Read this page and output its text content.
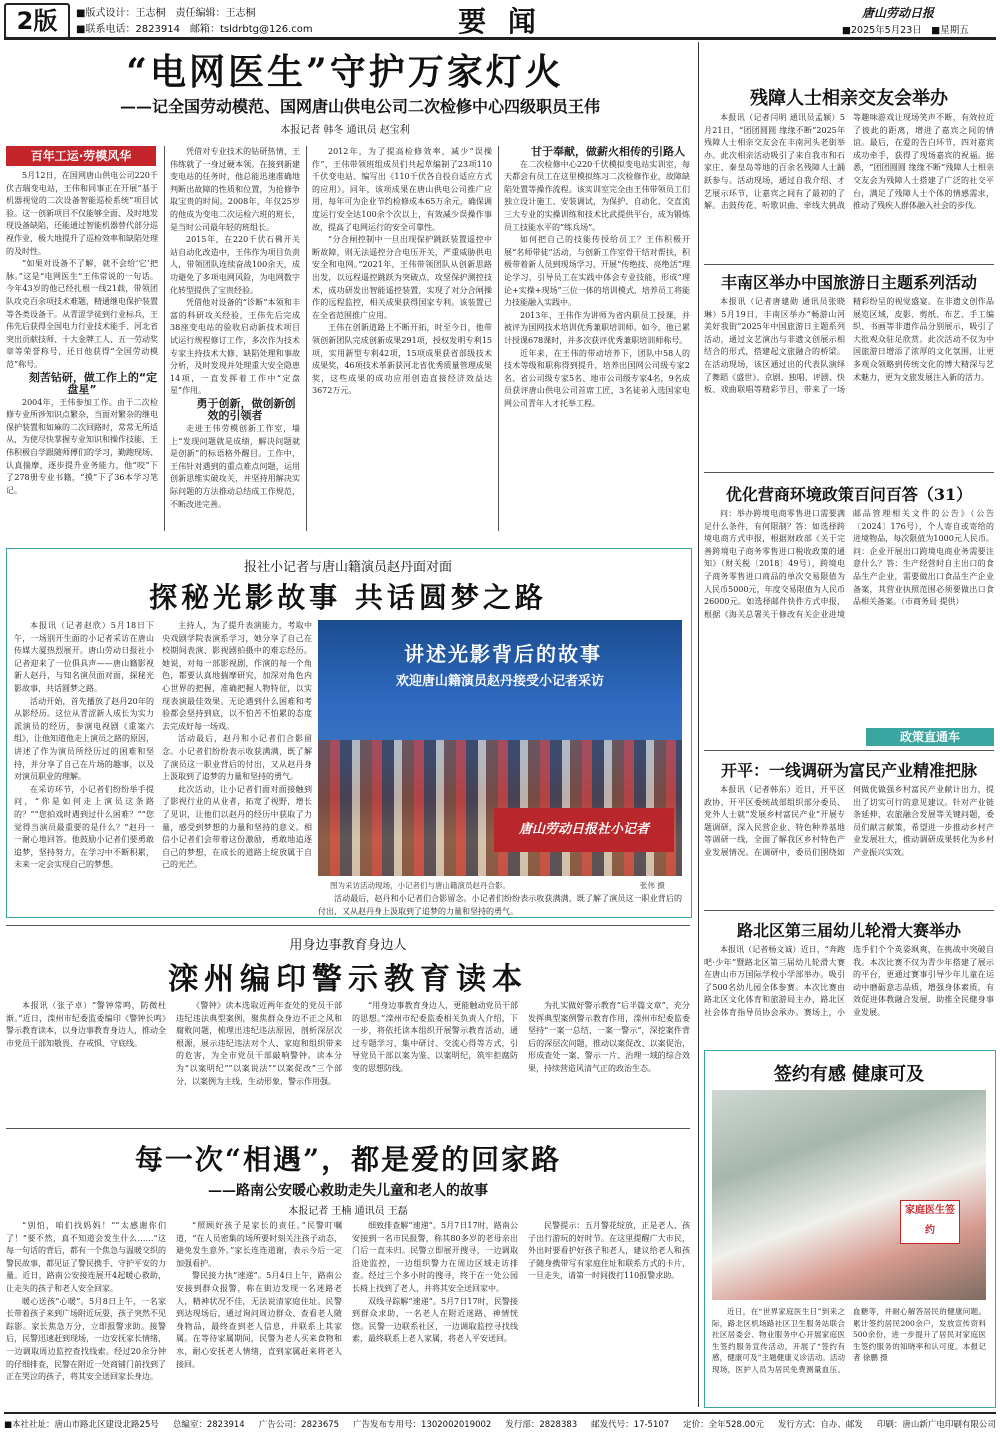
2版	■版式设计：王志桐　责任编辑：王志桐
■联系电话：2823914　邮箱：tsldrbtg@126.com	要 闻	唐山劳动日报
■2025年5月23日　■星期五
“电网医生”守护万家灯火
——记全国劳动模范、国网唐山供电公司二次检修中心四级职员王伟
本报记者 韩冬 通讯员 赵宝利
百年工运·劳模风华

5月12日，在国网唐山供电公司220千伏吉瑞变电站，王伟和同事正在开展“基于机器视觉的二次设备智能巡检系统”项目试验。这一创新项目不仅能够全面、及时地发现设备缺陷，还能通过智能机器替代部分巡视作业，极大地提升了巡检效率和缺陷处理的及时性。

“如果对设备不了解，就不会给‘它’把脉。”这是“电网医生”王伟常说的一句话。今年43岁的他已经扎根一线21载，带领团队攻克百余项技术难题，精通继电保护装置等各类设备干。从青涩学徒到行业标兵，王伟先后获得全国电力行业技术能手、河北省突出贡献技师、十大金牌工人、五一劳动奖章等荣誉称号，还日他获得“全国劳动模范”称号。

刻苦钻研，做工作上的“定盘星”

2004年，王伟参加工作。由于二次检修专业所涉知识点繁杂，当面对繁杂的继电保护装置和如麻的二次回路时，常常无所适从，为使尽快掌握专业知识和操作技能，王伟积极自学跟随师傅们的学习，勤跑现场、认真揣摩，逐步提升业务能力，他“咬”下了278册专业书籍，“摸”下了36本学习笔记。

凭借对专业技术的钻研热情，王伟练就了一身过硬本领。在接到新建变电站的任务时，他总能迅速准确地判断出故障的性质和位置，为抢修争取宝贵的时间。2008年，年仅25岁的他成为变电二次运检六班的班长，是当时公司最年轻的班组长。

2015年，在220千伏石佛开关站自动化改造中，王伟作为项目负责人，带领团队连续奋战100余天，成功避免了多项电网风险，为电网数字化转型提供了宝贵经验。

凭借他对设备的“诊断”本领和丰富的科研攻关经验，王伟先后完成38座变电站的验收启动新技术项目试运行规程修订工作，多次作为技术专家主持技术大修、缺陷处理和事故分析，及时发现并处理重大安全隐患14项，一直发挥着工作中“定盘星”作用。

勇于创新，做创新创效的引领者

走进王伟劳模创新工作室，墙上“发现问题就是成绩，解决问题就是创新”的标语格外醒目。工作中，王伟针对遇到的重点难点问题，运用创新思维实破攻关，并坚持用解决实际问题的方法推动总结成工作规范，不断改进完善。

2012年，为了提高检修效率，减少“误操作”，王伟带领班组成员们共起草编制了23项110千伏变电站、编写出《110千伏各自投自适应方式的应用》。同年，该项成果在唐山供电公司推广应用，每年可为企业节约检修成本65万余元，确保调度运行安全达100余个次以上，有效减少误操作事故，提高了电网运行的安全可靠性。

“分合闸控制中一旦出现保护跳跃装置遥控中断故障，则无法遥控分合电压开关，严重威胁供电安全和电网。”2021年，王伟带领团队从创新思路出发，以远程遥控跳跃为突破点，攻坚保护测控技术，成功研发出智能遥控装置，实现了对分合闸操作的远程监控，相关成果获得国家专利。该装置已在全省范围推广应用。

王伟在创新道路上不断开拓，时至今日，他带领创新团队完成创新成果291项，授权发明专利15项，实用新型专利42项，15项成果获省部级技术成果奖，46项技术革新获河北省优秀质量管理成果奖，这些成果的成功应用创造直接经济效益达3672万元。

甘于奉献，做薪火相传的引路人

在二次检修中心220千伏模拟变电站实训室，每天都会有员工在这里模拟练习二次检修作业，故障缺陷处置等操作流程。该实训室完全由王伟带领员工们独立设计施工、安装调试，为保护、自动化、交直流三大专业的实操训练和技术比武提供平台，成为锻炼员工技能水平的“练兵场”。

如何把自己的技能传授给员工？王伟积极开展“名师带徒”活动，与创新工作室骨干结对帮扶，积极带着新人员到现场学习，开展“传绝技、亮绝活”理论学习，引导员工在实践中体会专业技能，形成“理论+实操+现场”三位一体的培训模式，培养员工将能力技能融入实践中。

2013年，王伟作为讲师为省内职员工授课，并被评为国网技术培训优秀兼职培训师。如今，他已累计授课678课时，并多次获评优秀兼职培训师称号。

近年来，在王伟的带动培养下，团队中58人的技术等级和职称得到提升，培养出国网公司级专家2名、省公司级专家5名、地市公司级专家4名，9名成员获评唐山供电公司首席工匠，3名徒弟入选国家电网公司青年人才托举工程。

报社小记者与唐山籍演员赵丹面对面
探秘光影故事 共话圆梦之路

本报讯（记者赵欣）5月18日下午，一场别开生面的小记者采访在唐山传媒大厦热烈展开。唐山劳动日报社小记者迎来了一位俱具声——唐山籍影视新人赵丹，与知名演员面对面，探秘光影故事，共话圆梦之路。

活动开始，首先播放了赵丹20年的从影经历。这位从青涩新人成长为实力派演员的经历，参演电视剧《重案六组》，让他知道他走上演员之路的原因，讲述了作为演员所经历过的困难和坚持，并分享了自己在片场的趣事，以及对演员职业的理解。

在采访环节，小记者们纷纷举手提问，“你是如何走上演员这条路的？”“您拍戏时遇到过什么困难？”“您觉得当演员最重要的是什么？”赵丹一一耐心地回答。他鼓励小记者们要勇敢追梦，坚持努力，在学习中不断积累，未来一定会实现自己的梦想。

主持人，为了提升表演能力，考取中央戏剧学院表演系学习，她分享了自己在校期间表演、影视剧拍摄中的难忘经历。她说，对每一部影视剧，作演的每一个角色，都要认真地揣摩研究，加深对角色内心世界的把握，准确把握人物特征，以实现表演最佳效果。无论遇到什么困难和考验都会坚持到底，以不怕苦不怕累的态度去完成好每一场戏。

活动最后，赵丹和小记者们合影留念。小记者们纷纷表示收获满满，既了解了演员这一职业背后的付出，又从赵丹身上汲取到了追梦的力量和坚持的勇气。

此次活动，让小记者们面对面接触到了影视行业的从业者，拓宽了视野，增长了见识，让他们以赵丹的经历中获取了力量，感受到梦想的力量和坚持的意义。相信小记者们会带着这份激励，勇敢地追逐自己的梦想，在成长的道路上绽放属于自己的光芒。

讲述光影背后的故事
欢迎唐山籍演员赵丹接受小记者采访
唐山劳动日报社小记者
图为采访活动现场，小记者们与唐山籍演员赵丹合影。	张伟 摄

活动最后，赵丹和小记者们合影留念。小记者们纷纷表示收获满满，既了解了演员这一职业背后的付出，又从赵丹身上汲取到了追梦的力量和坚持的勇气。

用身边事教育身边人
滦州编印警示教育读本

本报讯（张子卓）“警钟常鸣，防微杜渐。”近日，滦州市纪委监委编印《警钟长鸣》警示教育读本，以身边事教育身边人，推动全市党员干部知敬畏、存戒惧、守底线。

《警钟》读本选取近两年查处的党员干部违纪违法典型案例，聚焦群众身边不正之风和腐败问题，梳理出违纪违法原因，剖析深层次根源，展示违纪违法对个人、家庭和组织带来的危害，为全市党员干部敲响警钟。读本分为“以案明纪”“以案说法”“以案促改”三个部分，以案例为主线，生动形象，警示作用强。

“用身边事教育身边人，更能触动党员干部的思想。”滦州市纪委监委相关负责人介绍，下一步，将依托读本组织开展警示教育活动，通过专题学习、集中研讨、交流心得等方式，引导党员干部以案为鉴、以案明纪，筑牢拒腐防变的思想防线。

为扎实做好警示教育“后半篇文章”，充分发挥典型案例警示教育作用，滦州市纪委监委坚持“一案一总结、一案一警示”，深挖案件背后的深层次问题，推动以案促改、以案促治，形成查处一案、警示一片、治理一域的综合效果，持续营造风清气正的政治生态。

每一次“相遇”，都是爱的回家路
——路南公安暖心救助走失儿童和老人的故事
本报记者 王楠 通讯员 王磊

“别怕，咱们找妈妈！”“太感谢你们了！”要不然，真不知道会发生什么……”这每一句话的背后，都有一个焦急与温暖交织的警民故事，都见证了警民携手、守护平安的力量。近日，路南公安接连展开4起暖心救助，让走失的孩子和老人安全回家。

暖心送孩“心暖”。5月8日上午，一名家长带着孩子来到广场附近玩耍，孩子突然不见踪影。家长焦急万分，立即报警求助。接警后，民警迅速赶到现场，一边安抚家长情绪，一边调取周边监控查找线索。经过20余分钟的仔细排查，民警在附近一处商铺门前找到了正在哭泣的孩子，将其安全送回家长身边。

“照顾好孩子是家长的责任。”民警叮嘱道，“在人员密集的场所要时刻关注孩子动态，避免发生意外。”家长连连道谢，表示今后一定加强看护。

警民接力执“速递”。5月4日上午，路南公安接到群众报警，称在街边发现一名迷路老人，精神状况不佳，无法说清家庭住址。民警到达现场后，通过询问周边群众、查看老人随身物品，最终查到老人信息，并联系上其家属。在等待家属期间，民警为老人买来食物和水，耐心安抚老人情绪，直到家属赶来将老人接回。

细致排查解“速递”。5月7日17时，路南公安接到一名市民报警，称其80多岁的老母亲出门后一直未归。民警立即展开搜寻，一边调取沿途监控，一边组织警力在周边区域走访排查。经过三个多小时的搜寻，终于在一处公园长椅上找到了老人，并将其安全送回家中。

双线寻踪解“速递”。5月7日17时，民警接到群众求助，一名老人在附近迷路，神情恍惚。民警一边联系社区，一边调取监控寻找线索，最终联系上老人家属，将老人平安送回。

民警提示：五月警花绽放，正是老人、孩子出行游玩的好时节。在这里提醒广大市民，外出时要看护好孩子和老人，建议给老人和孩子随身携带写有家庭住址和联系方式的卡片，一旦走失，请第一时间拨打110报警求助。

残障人士相亲交友会举办

本报讯（记者闫明 通讯员孟颖）5月21日，“团团圆圆 缘缘不断”2025年残障人士相亲交友会在丰南河头老街举办。此次相亲活动吸引了来自我市和石家庄、秦皇岛等地的百余名残障人士踊跃参与。活动现场，通过自我介绍、才艺展示环节，让嘉宾之间有了最初的了解。击鼓传花、听歌识曲、牵线大挑战等趣味游戏让现场笑声不断，有效拉近了彼此的距离，增进了嘉宾之间的情谊。最后，在爱的告白环节，四对嘉宾成功牵手，获得了现场嘉宾的祝福。据悉，“团团圆圆 缘缘不断”残障人士相亲交友会为残障人士搭建了广泛的社交平台，满足了残障人士个体的情感需求，推动了残疾人群体融入社会的步伐。

丰南区举办中国旅游日主题系列活动

本报讯（记者唐建勋 通讯员张晓琳）5月19日，丰南区举办“畅游山河 美好我街”2025年中国旅游日主题系列活动，通过文艺演出与非遗文创展示相结合的形式，搭建起文旅融合的桥梁。在活动现场，该区通过出的代表队演绎了舞蹈《盛世》、京剧、独唱、评剧、快板、戏曲联唱等精彩节目，带来了一场精彩纷呈的视觉盛宴。在非遗文创作品展览区域，皮影、剪纸、布艺、手工编织、书画等非遗作品分别展示，吸引了大批观众驻足欣赏。此次活动不仅为中国旅游日增添了浓厚的文化氛围，让更多观众领略到传统文化的博大精深与艺术魅力，更为文旅发展注入新的活力。

优化营商环境政策百问百答（31）

问：举办跨境电商零售进口需要满足什么条件，有何限制？答：如选择跨境电商方式申报，根据财政部《关于完善跨境电子商务零售进口税收政策的通知》（财关税〔2018〕49号），跨境电子商务零售进口商品的单次交易限值为人民币5000元，年度交易限值为人民币26000元。如选择邮件快件方式申报，根据《海关总署关于修改有关企业进境邮品管理相关文件的公告》（公告〔2024〕176号），个人寄自或寄给的进境物品，每次限值为1000元人民币。问：企业开展出口跨境电商业务需要注意什么？答：生产经营时自主出口的食品生产企业，需要做出口食品生产企业备案，其营业执照范围必须要做出口食品相关备案。（市商务局 提供）

政策直通车
开平：一线调研为富民产业精准把脉

本报讯（记者韩东）近日，开平区政协、开平区委统战部组织部分委员、党外人士就“发展乡村富民产业”开展专题调研，深入民营企业、特色种养基地等调研一线，全面了解我区乡村特色产业发展情况。在调研中，委员们围绕如何做优做强乡村富民产业献计出力，提出了切实可行的意见建议。针对产业链条延伸、农旅融合发展等关键问题，委员们献言献策，希望进一步推动乡村产业发展壮大，推动调研成果转化为乡村产业振兴实效。

路北区第三届幼儿轮滑大赛举办

本报讯（记者杨文诚）近日，“奔跑吧·少年”暨路北区第三届幼儿轮滑大赛在唐山市万国际学校小学部举办。吸引了500名幼儿园全体参赛。本次比赛由路北区文化体育和旅游局主办，路北区社会体育指导员协会承办。赛场上，小选手们个个英姿飒爽，在挑战中突破自我。本次比赛不仅为青少年搭建了展示的平台，更通过赛事引导少年儿童在运动中磨砺意志品质，增强身体素质，有效促进体教融合发展，助推全民健身事业发展。

签约有感 健康可及
家庭医生签约

近日，在“世界家庭医生日”到来之际，路北区机场路社区卫生服务站联合社区居委会、物业服务中心开展家庭医生签约服务宣传活动，开展了“签约有感，健康可及”主题健康义诊活动。活动现场，医护人员为居民免费测量血压、血糖等，并耐心解答居民的健康问题。累计签约居民200余户，发放宣传资料500余份，进一步提升了居民对家庭医生签约服务的知晓率和认可度。本报记者 徐鹏 摄

■本社社址：唐山市路北区建设北路25号 总编室：2823914 广告公司：2823675 广告发布专用号：1302002019002 发行部：2828383 邮发代号：17-5107 定价：全年528.00元 发行方式：自办、邮发 印刷：唐山新广电印刷有限公司
